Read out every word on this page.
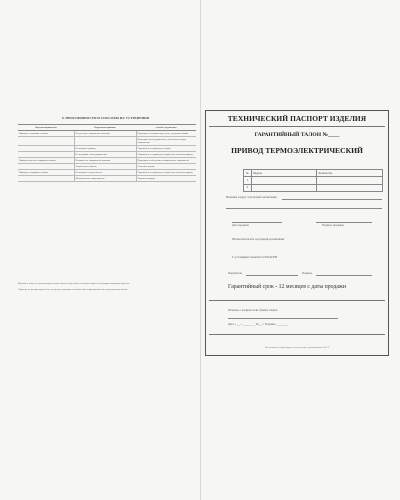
8. НЕИСПРАВНОСТИ И СПОСОБЫ ИХ УСТРАНЕНИЯ
Вид неисправности	Вероятная причина	Способ устранения
Привод не открывает клапан	Отсутствует напряжение питания	Проверить электрическую цепь, устранить обрыв
		Проверить цепь управления, обеспечить подачу напряжения
	Неисправен привод	Обратиться в сервисную службу
	Не исправна схема управления	Обратиться в сервисную службу или заменить привод
Привод медленно открывает клапан	Пониженное напряжение питания	Проверить и обеспечить номинальное напряжение
	Загрязнение клапана	Очистить клапан
Привод не закрывает клапан	Неисправен термоэлемент	Обратиться в сервисную службу или заменить привод
	Механические повреждения	Заменить привод

Монтаж и запуск в эксплуатацию должен быть осуществлен в соответствии с настоящим паспортом изделия.

Гарантия не распространяется на изделия, имеющие механические повреждения или следы вмешательства.

ТЕХНИЧЕСКИЙ ПАСПОРТ ИЗДЕЛИЯ
ГАРАНТИЙНЫЙ ТАЛОН №____
ПРИВОД ТЕРМОЭЛЕКТРИЧЕСКИЙ
№	Модель	Количество
1		
2		
Название и адрес торгующей организации
Дата продажи	Подпись продавца
Штамп или печать торгующей организации
С условиями гарантии СОГЛАСЕН
Покупатель	Подпись
Гарантийный срок - 12 месяцев с даты продажи
Отметка о возврате или обмене товара:
Дата « __ » ________ 20__ г. Подпись ________
Изготовитель гарантирует соответствие требованиям ГОСТ
